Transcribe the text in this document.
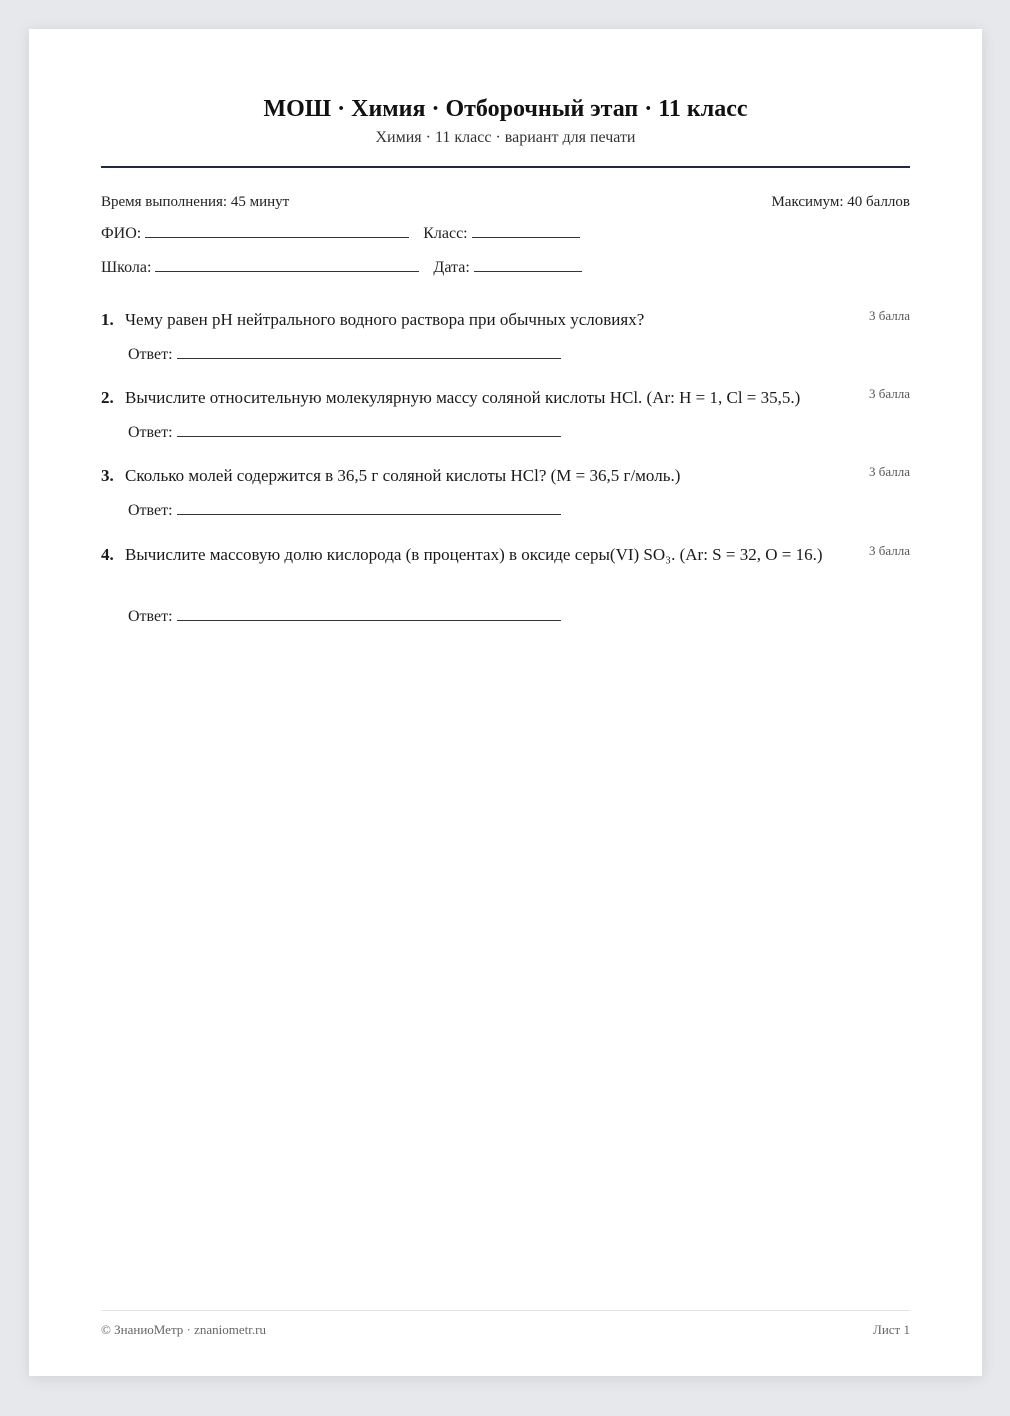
МОШ · Химия · Отборочный этап · 11 класс
Химия · 11 класс · вариант для печати
Время выполнения: 45 минут	Максимум: 40 баллов
ФИО:	Класс:
Школа:	Дата:
1. Чему равен pH нейтрального водного раствора при обычных условиях?	3 балла
Ответ:
2. Вычислите относительную молекулярную массу соляной кислоты HCl. (Ar: H = 1, Cl = 35,5.)	3 балла
Ответ:
3. Сколько молей содержится в 36,5 г соляной кислоты HCl? (M = 36,5 г/моль.)	3 балла
Ответ:
4. Вычислите массовую долю кислорода (в процентах) в оксиде серы(VI) SO₃. (Ar: S = 32, O = 16.)	3 балла
Ответ:
© ЗнаниоМетр · znaniometr.ru	Лист 1
